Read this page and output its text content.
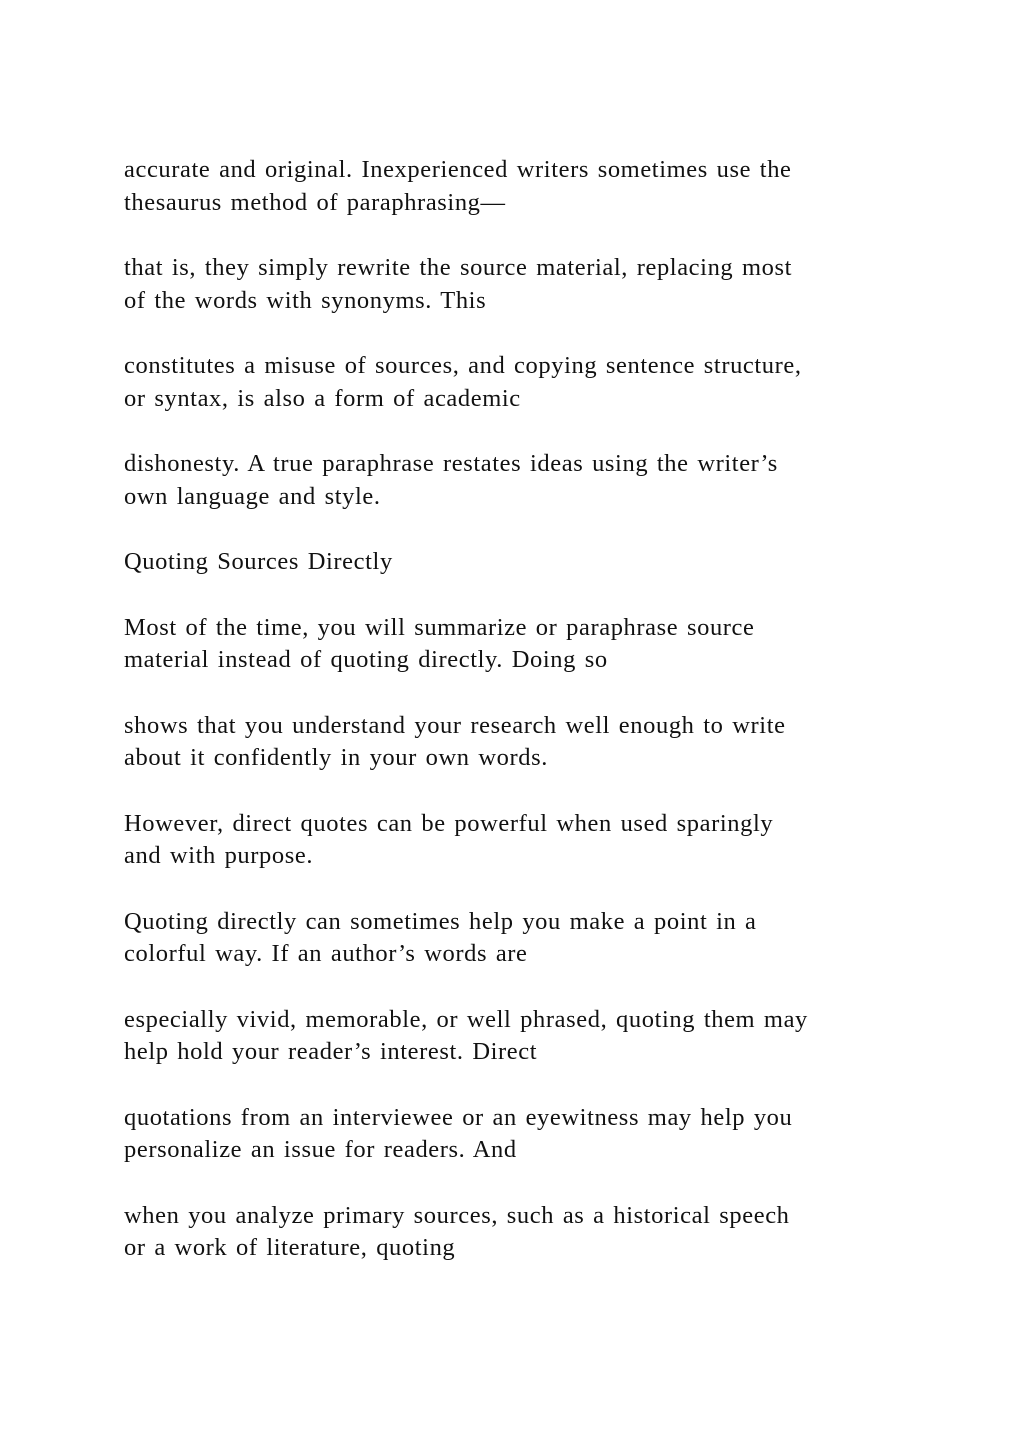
accurate and original. Inexperienced writers sometimes use the
thesaurus method of paraphrasing—

that is, they simply rewrite the source material, replacing most
of the words with synonyms. This

constitutes a misuse of sources, and copying sentence structure,
or syntax, is also a form of academic

dishonesty. A true paraphrase restates ideas using the writer’s
own language and style.

Quoting Sources Directly

Most of the time, you will summarize or paraphrase source
material instead of quoting directly. Doing so

shows that you understand your research well enough to write
about it confidently in your own words.

However, direct quotes can be powerful when used sparingly
and with purpose.

Quoting directly can sometimes help you make a point in a
colorful way. If an author’s words are

especially vivid, memorable, or well phrased, quoting them may
help hold your reader’s interest. Direct

quotations from an interviewee or an eyewitness may help you
personalize an issue for readers. And

when you analyze primary sources, such as a historical speech
or a work of literature, quoting
